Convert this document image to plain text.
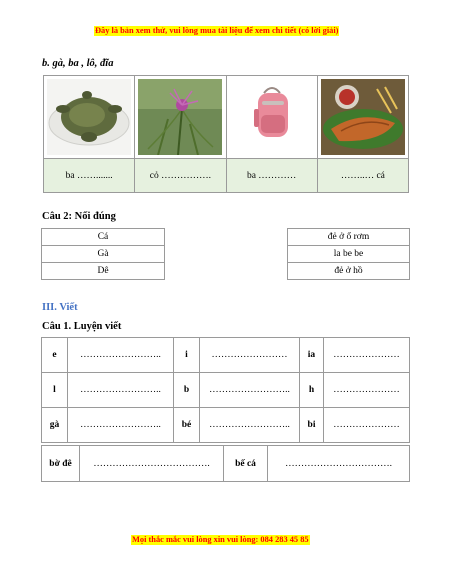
Đây là bản xem thử, vui lòng mua tài liệu để xem chi tiết (có lời giải)
b. gà, ba , lô, đĩa

ba …….......	cỏ …………….	ba …………	……..… cá
Câu 2: Nối đúng
Cá
Gà
Dê
đẻ ở ổ rơm
la be be
đẻ ở hồ
III. Viết
Câu 1. Luyện viết
e	……………………..	i	……………………	ia	…………………
l	……………………..	b	……………………..	h	…………………
gà	……………………..	bé	……………………..	bi	…………………
bờ đê	……………………………….	bế cá	…………………………….
Mọi thắc mắc vui lòng xin vui lòng: 084 283 45 85
